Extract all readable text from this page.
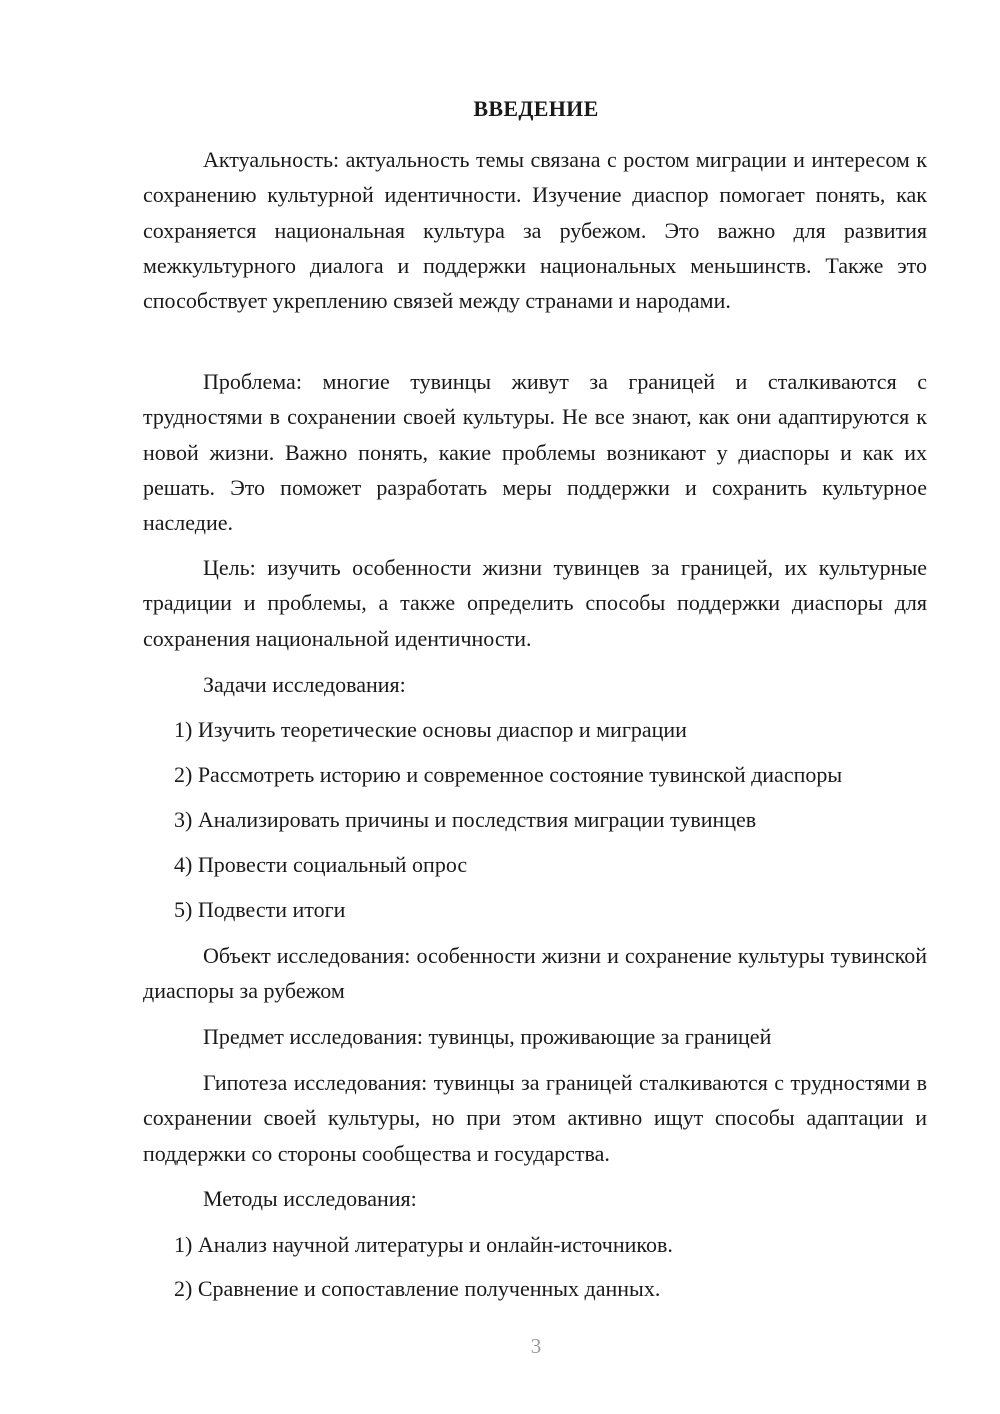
ВВЕДЕНИЕ
Актуальность: актуальность темы связана с ростом миграции и интересом к сохранению культурной идентичности. Изучение диаспор помогает понять, как сохраняется национальная культура за рубежом. Это важно для развития межкультурного диалога и поддержки национальных меньшинств. Также это способствует укреплению связей между странами и народами.
Проблема: многие тувинцы живут за границей и сталкиваются с трудностями в сохранении своей культуры. Не все знают, как они адаптируются к новой жизни. Важно понять, какие проблемы возникают у диаспоры и как их решать. Это поможет разработать меры поддержки и сохранить культурное наследие.
Цель: изучить особенности жизни тувинцев за границей, их культурные традиции и проблемы, а также определить способы поддержки диаспоры для сохранения национальной идентичности.
Задачи исследования:
1) Изучить теоретические основы диаспор и миграции
2) Рассмотреть историю и современное состояние тувинской диаспоры
3) Анализировать причины и последствия миграции тувинцев
4) Провести социальный опрос
5) Подвести итоги
Объект исследования: особенности жизни и сохранение культуры тувинской диаспоры за рубежом
Предмет исследования: тувинцы, проживающие за границей
Гипотеза исследования: тувинцы за границей сталкиваются с трудностями в сохранении своей культуры, но при этом активно ищут способы адаптации и поддержки со стороны сообщества и государства.
Методы исследования:
1) Анализ научной литературы и онлайн-источников.
2) Сравнение и сопоставление полученных данных.
3
